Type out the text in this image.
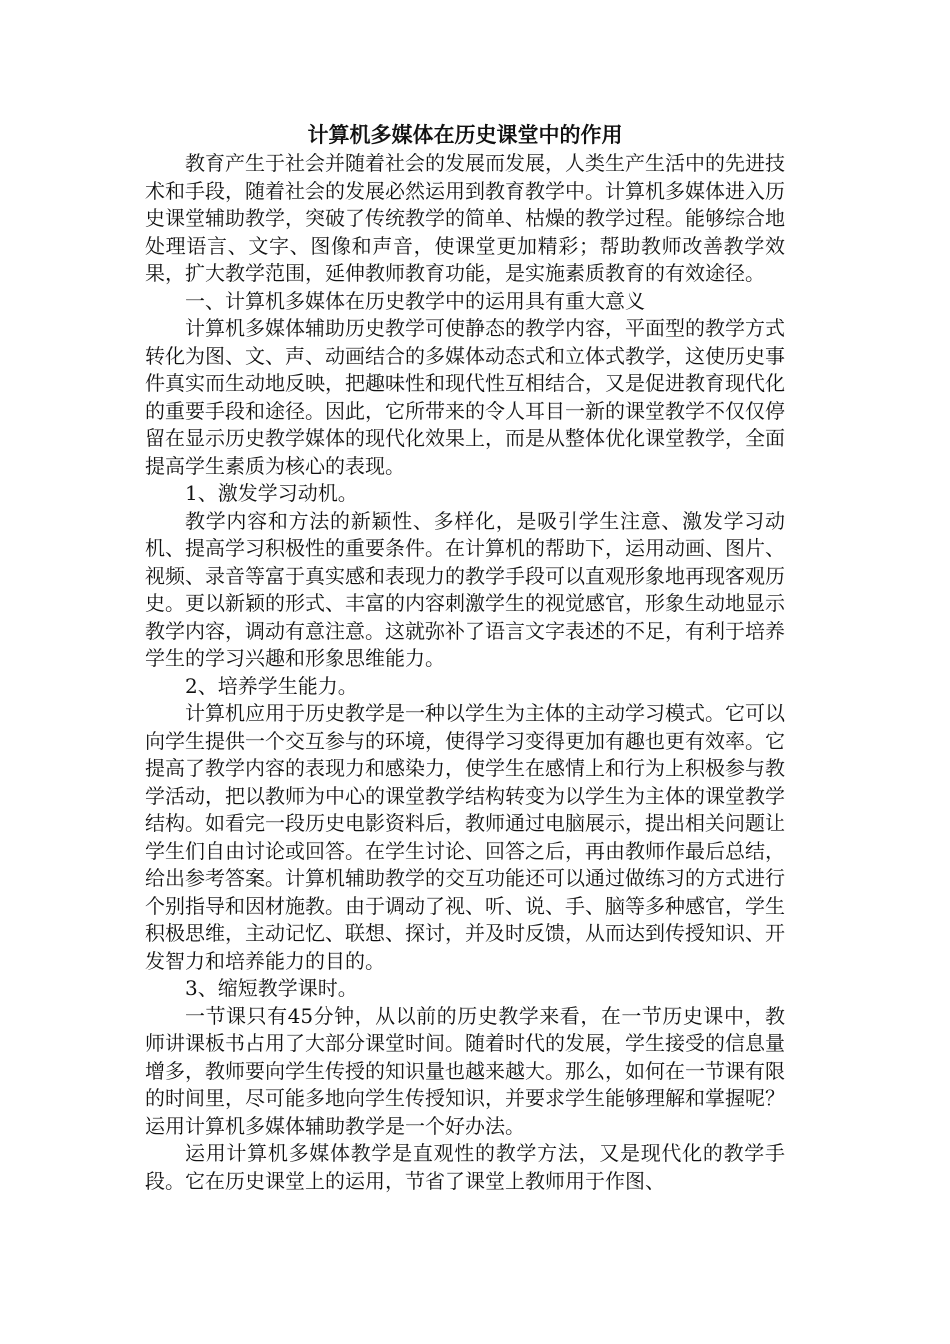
计算机多媒体在历史课堂中的作用

教育产生于社会并随着社会的发展而发展，人类生产生活中的先进技术和手段，随着社会的发展必然运用到教育教学中。计算机多媒体进入历史课堂辅助教学，突破了传统教学的简单、枯燥的教学过程。能够综合地处理语言、文字、图像和声音，使课堂更加精彩；帮助教师改善教学效果，扩大教学范围，延伸教师教育功能，是实施素质教育的有效途径。

一、计算机多媒体在历史教学中的运用具有重大意义

计算机多媒体辅助历史教学可使静态的教学内容，平面型的教学方式转化为图、文、声、动画结合的多媒体动态式和立体式教学，这使历史事件真实而生动地反映，把趣味性和现代性互相结合，又是促进教育现代化的重要手段和途径。因此，它所带来的令人耳目一新的课堂教学不仅仅停留在显示历史教学媒体的现代化效果上，而是从整体优化课堂教学，全面提高学生素质为核心的表现。

1、激发学习动机。

教学内容和方法的新颖性、多样化，是吸引学生注意、激发学习动机、提高学习积极性的重要条件。在计算机的帮助下，运用动画、图片、视频、录音等富于真实感和表现力的教学手段可以直观形象地再现客观历史。更以新颖的形式、丰富的内容刺激学生的视觉感官，形象生动地显示教学内容，调动有意注意。这就弥补了语言文字表述的不足，有利于培养学生的学习兴趣和形象思维能力。

2、培养学生能力。

计算机应用于历史教学是一种以学生为主体的主动学习模式。它可以向学生提供一个交互参与的环境，使得学习变得更加有趣也更有效率。它提高了教学内容的表现力和感染力，使学生在感情上和行为上积极参与教学活动，把以教师为中心的课堂教学结构转变为以学生为主体的课堂教学结构。如看完一段历史电影资料后，教师通过电脑展示，提出相关问题让学生们自由讨论或回答。在学生讨论、回答之后，再由教师作最后总结，给出参考答案。计算机辅助教学的交互功能还可以通过做练习的方式进行个别指导和因材施教。由于调动了视、听、说、手、脑等多种感官，学生积极思维，主动记忆、联想、探讨，并及时反馈，从而达到传授知识、开发智力和培养能力的目的。

3、缩短教学课时。

一节课只有45分钟，从以前的历史教学来看，在一节历史课中，教师讲课板书占用了大部分课堂时间。随着时代的发展，学生接受的信息量增多，教师要向学生传授的知识量也越来越大。那么，如何在一节课有限的时间里，尽可能多地向学生传授知识，并要求学生能够理解和掌握呢？运用计算机多媒体辅助教学是一个好办法。

运用计算机多媒体教学是直观性的教学方法，又是现代化的教学手段。它在历史课堂上的运用，节省了课堂上教师用于作图、
